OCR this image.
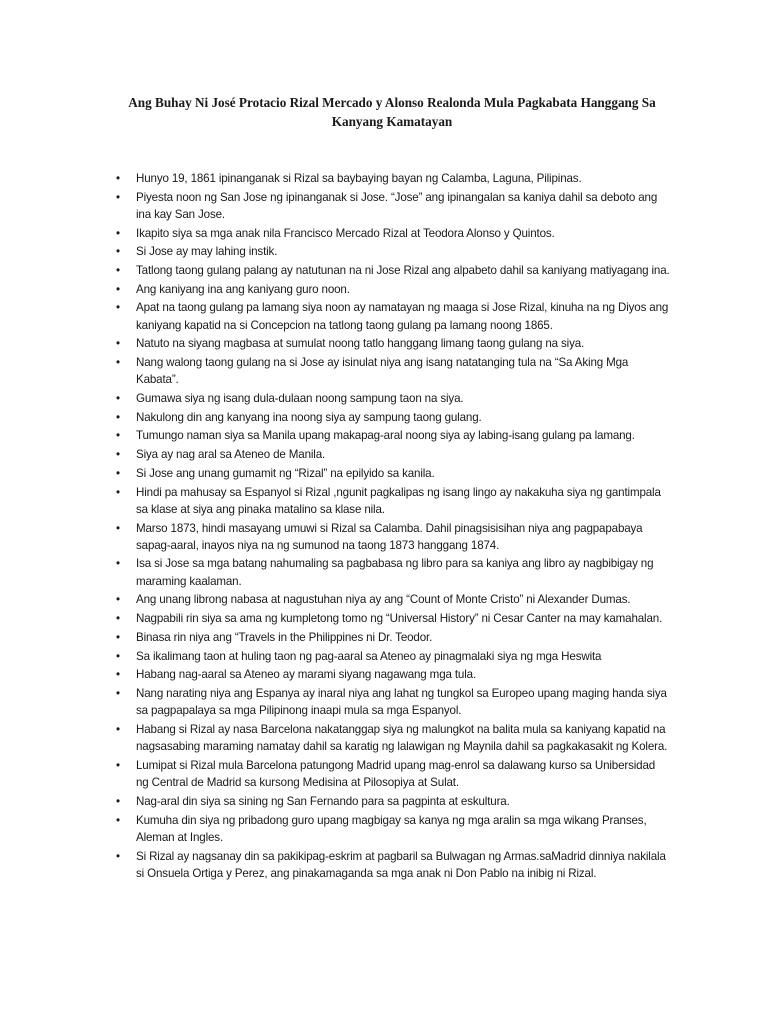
Ang Buhay Ni José Protacio Rizal Mercado y Alonso Realonda Mula Pagkabata Hanggang Sa Kanyang Kamatayan
• Hunyo 19, 1861 ipinanganak si Rizal sa baybaying bayan ng Calamba, Laguna, Pilipinas.
• Piyesta noon ng San Jose ng ipinanganak si Jose. “Jose” ang ipinangalan sa kaniya dahil sa deboto ang ina kay San Jose.
• Ikapito siya sa mga anak nila Francisco Mercado Rizal at Teodora Alonso y Quintos.
• Si Jose ay may lahing instik.
• Tatlong taong gulang palang ay natutunan na ni Jose Rizal ang alpabeto dahil sa kaniyang matiyagang ina.
• Ang kaniyang ina ang kaniyang guro noon.
• Apat na taong gulang pa lamang siya noon ay namatayan ng maaga si Jose Rizal, kinuha na ng Diyos ang kaniyang kapatid na si Concepcion na tatlong taong gulang pa lamang noong 1865.
• Natuto na siyang magbasa at sumulat noong tatlo hanggang limang taong gulang na siya.
• Nang walong taong gulang na si Jose ay isinulat niya ang isang natatanging tula na “Sa Aking Mga Kabata”.
• Gumawa siya ng isang dula-dulaan noong sampung taon na siya.
• Nakulong din ang kanyang ina noong siya ay sampung taong gulang.
• Tumungo naman siya sa Manila upang makapag-aral noong siya ay labing-isang gulang pa lamang.
• Siya ay nag aral sa Ateneo de Manila.
• Si Jose ang unang gumamit ng “Rizal” na epilyido sa kanila.
• Hindi pa mahusay sa Espanyol si Rizal ,ngunit pagkalipas ng isang lingo ay nakakuha siya ng gantimpala sa klase at siya ang pinaka matalino sa klase nila.
• Marso 1873, hindi masayang umuwi si Rizal sa Calamba. Dahil pinagsisisihan niya ang pagpapabaya sapag-aaral, inayos niya na ng sumunod na taong 1873 hanggang 1874.
• Isa si Jose sa mga batang nahumaling sa pagbabasa ng libro para sa kaniya ang libro ay nagbibigay ng maraming kaalaman.
• Ang unang librong nabasa at nagustuhan niya ay ang “Count of Monte Cristo” ni Alexander Dumas.
• Nagpabili rin siya sa ama ng kumpletong tomo ng “Universal History” ni Cesar Canter na may kamahalan.
• Binasa rin niya ang “Travels in the Philippines ni Dr. Teodor.
• Sa ikalimang taon at huling taon ng pag-aaral sa Ateneo ay pinagmalaki siya ng mga Heswita
• Habang nag-aaral sa Ateneo ay marami siyang nagawang mga tula.
• Nang narating niya ang Espanya ay inaral niya ang lahat ng tungkol sa Europeo upang maging handa siya sa pagpapalaya sa mga Pilipinong inaapi mula sa mga Espanyol.
• Habang si Rizal ay nasa Barcelona nakatanggap siya ng malungkot na balita mula sa kaniyang kapatid na nagsasabing maraming namatay dahil sa karatig ng lalawigan ng Maynila dahil sa pagkakasakit ng Kolera.
• Lumipat si Rizal mula Barcelona patungong Madrid upang mag-enrol sa dalawang kurso sa Unibersidad ng Central de Madrid sa kursong Medisina at Pilosopiya at Sulat.
• Nag-aral din siya sa sining ng San Fernando para sa pagpinta at eskultura.
• Kumuha din siya ng pribadong guro upang magbigay sa kanya ng mga aralin sa mga wikang Pranses, Aleman at Ingles.
• Si Rizal ay nagsanay din sa pakikipag-eskrim at pagbaril sa Bulwagan ng Armas.saMadrid dinniya nakilala si Onsuela Ortiga y Perez, ang pinakamaganda sa mga anak ni Don Pablo na inibig ni Rizal.
